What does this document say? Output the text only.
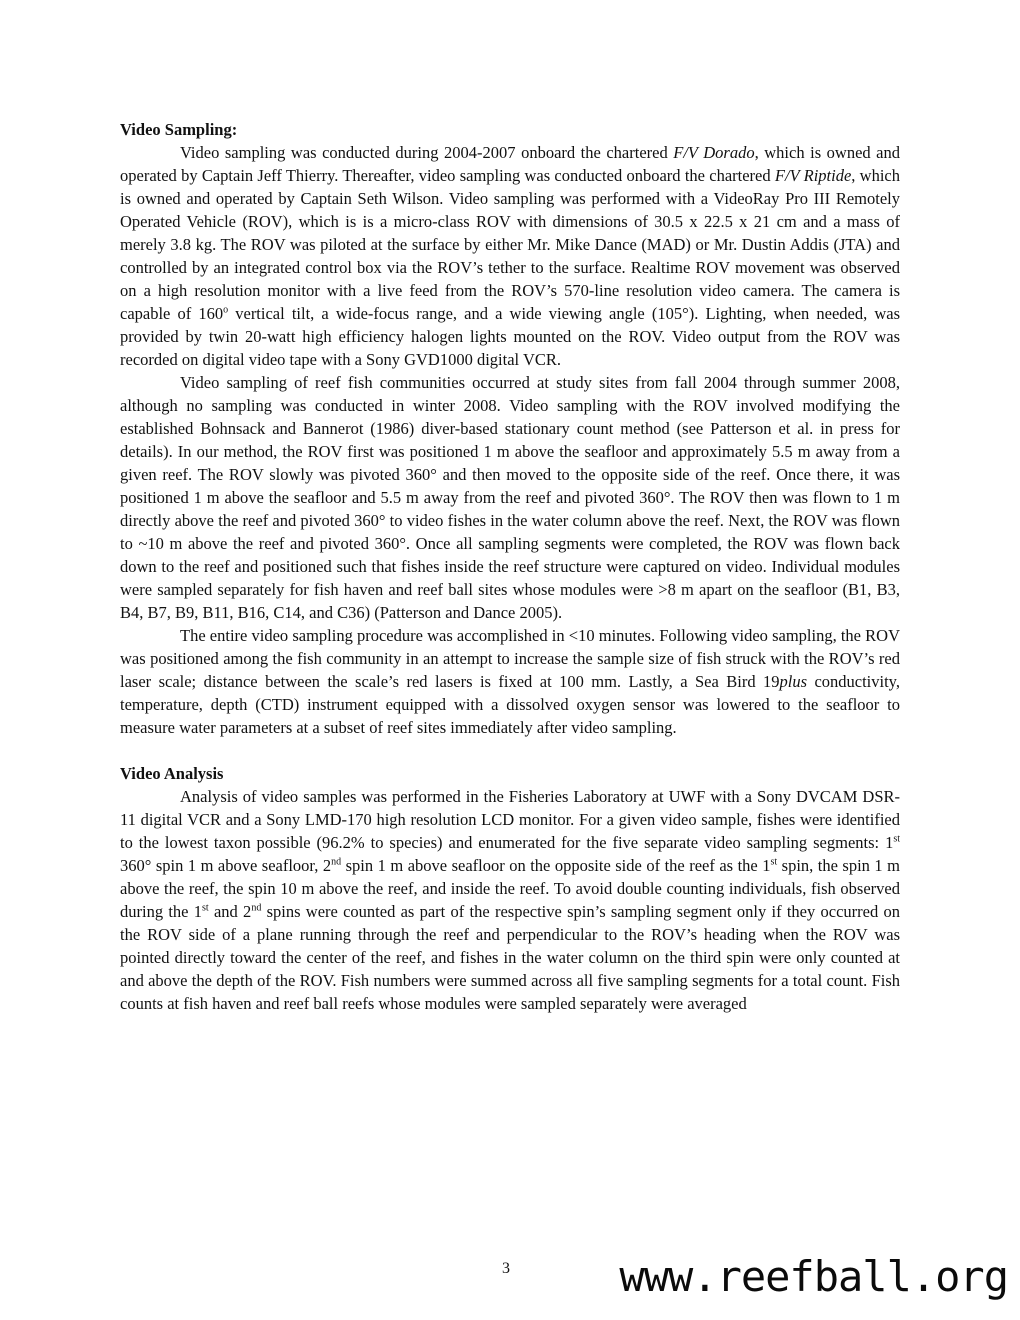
Video Sampling:

Video sampling was conducted during 2004-2007 onboard the chartered F/V Dorado, which is owned and operated by Captain Jeff Thierry. Thereafter, video sampling was conducted onboard the chartered F/V Riptide, which is owned and operated by Captain Seth Wilson. Video sampling was performed with a VideoRay Pro III Remotely Operated Vehicle (ROV), which is is a micro-class ROV with dimensions of 30.5 x 22.5 x 21 cm and a mass of merely 3.8 kg. The ROV was piloted at the surface by either Mr. Mike Dance (MAD) or Mr. Dustin Addis (JTA) and controlled by an integrated control box via the ROV’s tether to the surface. Realtime ROV movement was observed on a high resolution monitor with a live feed from the ROV’s 570-line resolution video camera. The camera is capable of 160$^o$ vertical tilt, a wide-focus range, and a wide viewing angle (105°). Lighting, when needed, was provided by twin 20-watt high efficiency halogen lights mounted on the ROV. Video output from the ROV was recorded on digital video tape with a Sony GVD1000 digital VCR.

Video sampling of reef fish communities occurred at study sites from fall 2004 through summer 2008, although no sampling was conducted in winter 2008. Video sampling with the ROV involved modifying the established Bohnsack and Bannerot (1986) diver-based stationary count method (see Patterson et al. in press for details). In our method, the ROV first was positioned 1 m above the seafloor and approximately 5.5 m away from a given reef. The ROV slowly was pivoted 360° and then moved to the opposite side of the reef. Once there, it was positioned 1 m above the seafloor and 5.5 m away from the reef and pivoted 360°. The ROV then was flown to 1 m directly above the reef and pivoted 360° to video fishes in the water column above the reef. Next, the ROV was flown to ~10 m above the reef and pivoted 360°. Once all sampling segments were completed, the ROV was flown back down to the reef and positioned such that fishes inside the reef structure were captured on video. Individual modules were sampled separately for fish haven and reef ball sites whose modules were >8 m apart on the seafloor (B1, B3, B4, B7, B9, B11, B16, C14, and C36) (Patterson and Dance 2005).

The entire video sampling procedure was accomplished in <10 minutes. Following video sampling, the ROV was positioned among the fish community in an attempt to increase the sample size of fish struck with the ROV’s red laser scale; distance between the scale’s red lasers is fixed at 100 mm. Lastly, a Sea Bird 19plus conductivity, temperature, depth (CTD) instrument equipped with a dissolved oxygen sensor was lowered to the seafloor to measure water parameters at a subset of reef sites immediately after video sampling.

Video Analysis

Analysis of video samples was performed in the Fisheries Laboratory at UWF with a Sony DVCAM DSR-11 digital VCR and a Sony LMD-170 high resolution LCD monitor. For a given video sample, fishes were identified to the lowest taxon possible (96.2% to species) and enumerated for the five separate video sampling segments: 1st 360° spin 1 m above seafloor, 2nd spin 1 m above seafloor on the opposite side of the reef as the 1st spin, the spin 1 m above the reef, the spin 10 m above the reef, and inside the reef. To avoid double counting individuals, fish observed during the 1st and 2nd spins were counted as part of the respective spin’s sampling segment only if they occurred on the ROV side of a plane running through the reef and perpendicular to the ROV’s heading when the ROV was pointed directly toward the center of the reef, and fishes in the water column on the third spin were only counted at and above the depth of the ROV. Fish numbers were summed across all five sampling segments for a total count. Fish counts at fish haven and reef ball reefs whose modules were sampled separately were averaged

3	www.reefball.org
